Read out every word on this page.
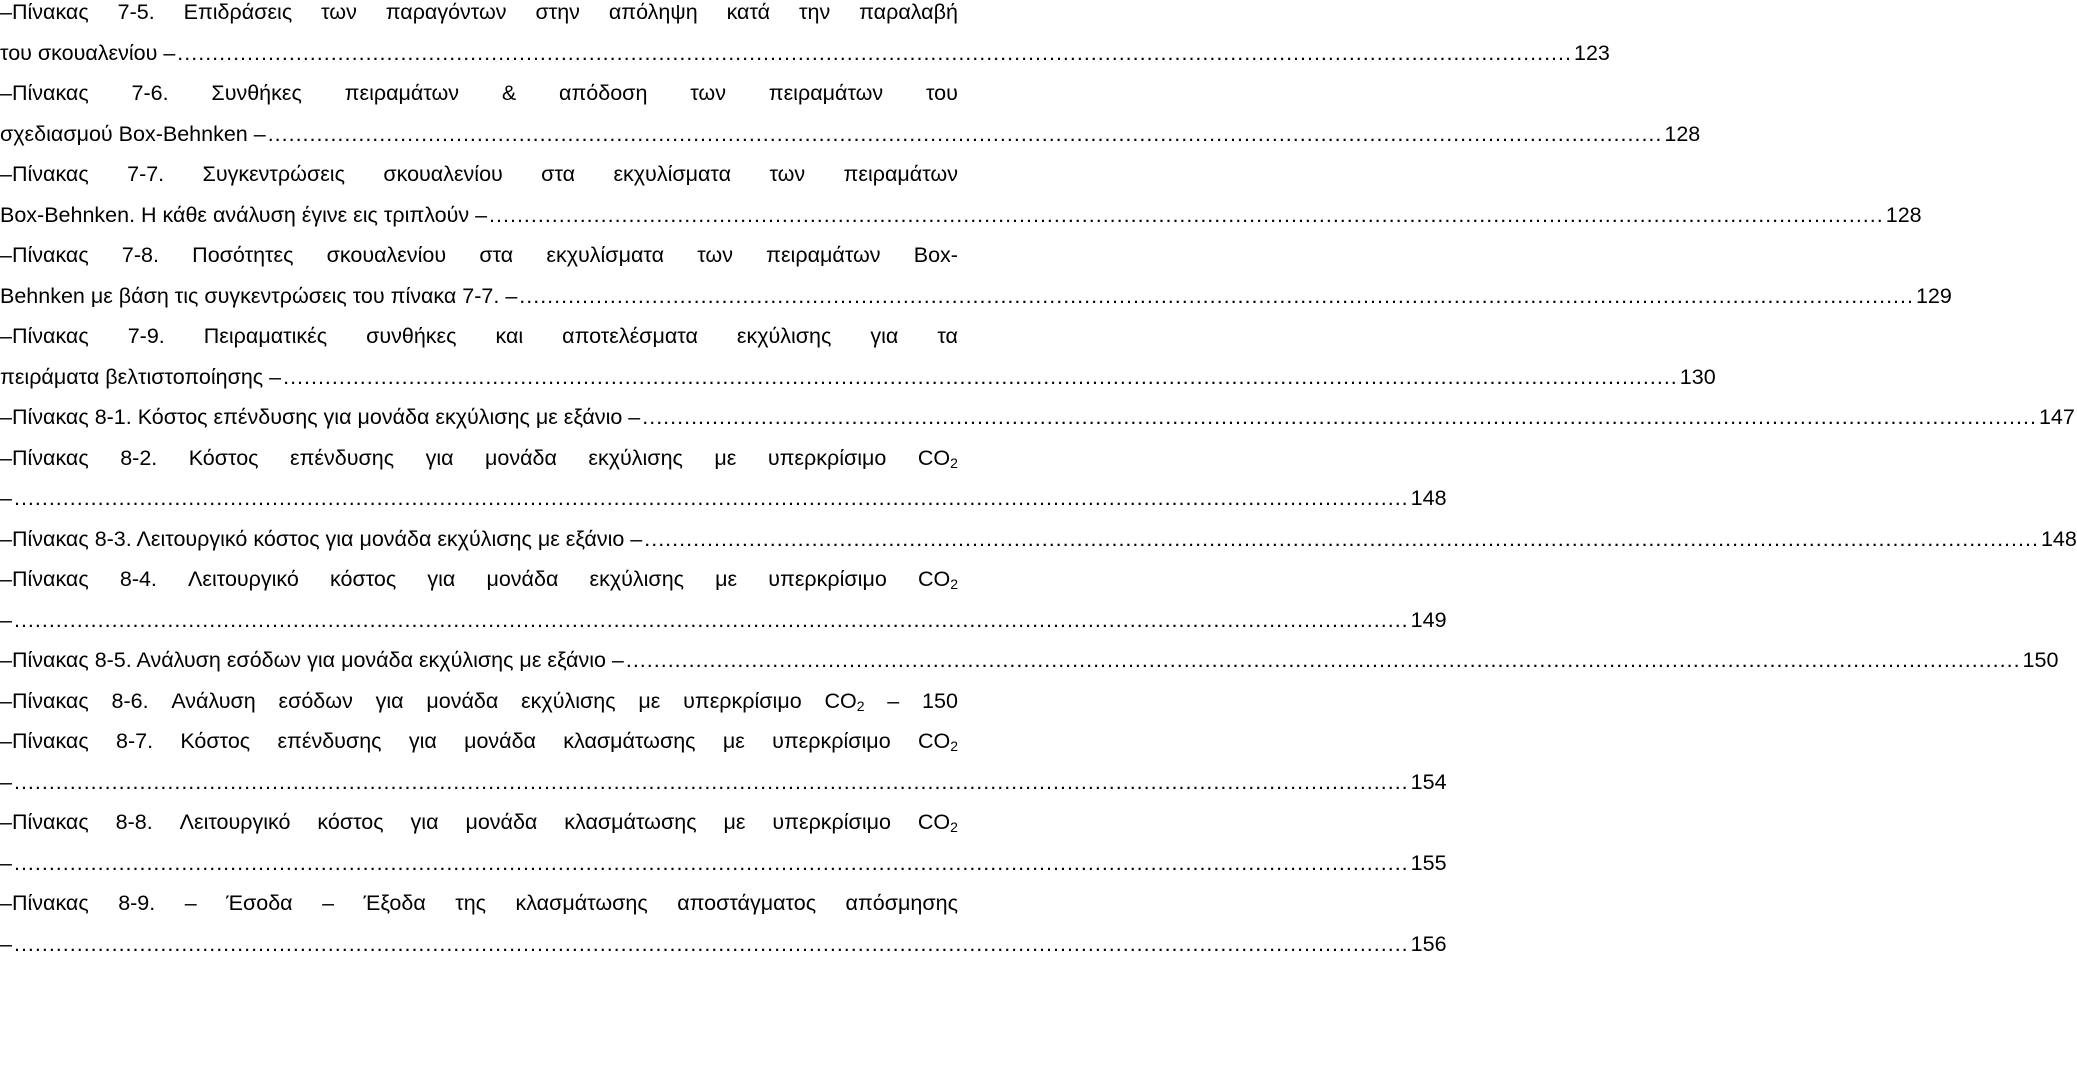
–Πίνακας 7-5. Επιδράσεις των παραγόντων στην απόληψη κατά την παραλαβή
του σκουαλενίου – ........................................................................................................................................................................................................ 123
–Πίνακας 7-6. Συνθήκες πειραμάτων & απόδοση των πειραμάτων του
σχεδιασμού Box-Behnken – ........................................................................................................................................................................................................ 128
–Πίνακας 7-7. Συγκεντρώσεις σκουαλενίου στα εκχυλίσματα των πειραμάτων
Box-Behnken. Η κάθε ανάλυση έγινε εις τριπλούν – ........................................................................................................................................................................................................ 128
–Πίνακας 7-8. Ποσότητες σκουαλενίου στα εκχυλίσματα των πειραμάτων Box-
Behnken με βάση τις συγκεντρώσεις του πίνακα 7-7. – ........................................................................................................................................................................................................ 129
–Πίνακας 7-9. Πειραματικές συνθήκες και αποτελέσματα εκχύλισης για τα
πειράματα βελτιστοποίησης – ........................................................................................................................................................................................................ 130
–Πίνακας 8-1. Κόστος επένδυσης για μονάδα εκχύλισης με εξάνιο – ........................................................................................................................................................................................................ 147
–Πίνακας 8-2. Κόστος επένδυσης για μονάδα εκχύλισης με υπερκρίσιμο $CO_2$
– ........................................................................................................................................................................................................ 148
–Πίνακας 8-3. Λειτουργικό κόστος για μονάδα εκχύλισης με εξάνιο – ........................................................................................................................................................................................................ 148
–Πίνακας 8-4. Λειτουργικό κόστος για μονάδα εκχύλισης με υπερκρίσιμο $CO_2$
– ........................................................................................................................................................................................................ 149
–Πίνακας 8-5. Ανάλυση εσόδων για μονάδα εκχύλισης με εξάνιο – ........................................................................................................................................................................................................ 150
–Πίνακας 8-6. Ανάλυση εσόδων για μονάδα εκχύλισης με υπερκρίσιμο $CO_2 - 150$
–Πίνακας 8-7. Κόστος επένδυσης για μονάδα κλασμάτωσης με υπερκρίσιμο $CO_2$
– ........................................................................................................................................................................................................ 154
–Πίνακας 8-8. Λειτουργικό κόστος για μονάδα κλασμάτωσης με υπερκρίσιμο $CO_2$
– ........................................................................................................................................................................................................ 155
–Πίνακας 8-9. – Έσοδα – Έξοδα της κλασμάτωσης αποστάγματος απόσμησης
– ........................................................................................................................................................................................................ 156
